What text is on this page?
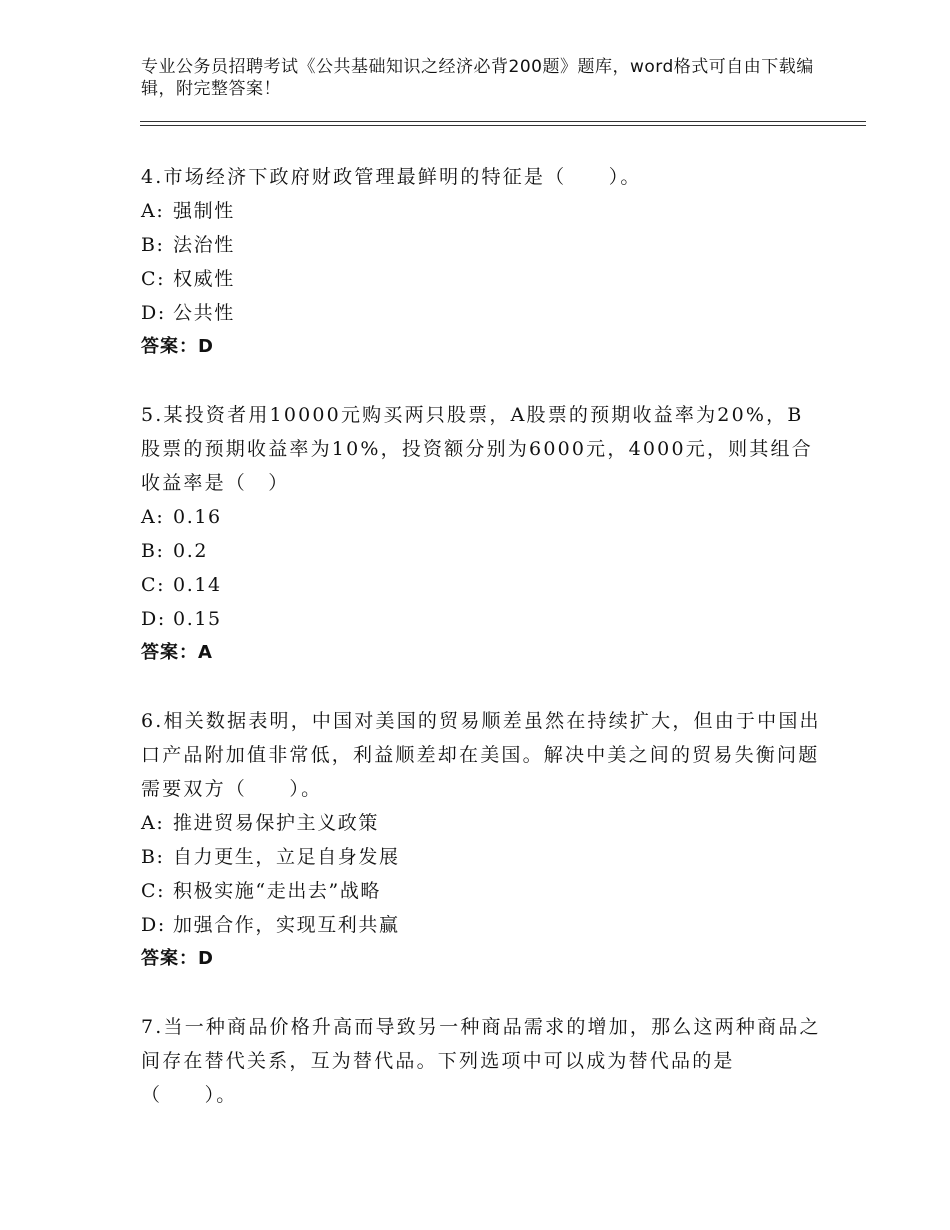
专业公务员招聘考试《公共基础知识之经济必背200题》题库，word格式可自由下载编辑，附完整答案！
4.市场经济下政府财政管理最鲜明的特征是（　　）。
A: 强制性
B: 法治性
C: 权威性
D: 公共性
答案：D
5.某投资者用10000元购买两只股票，A股票的预期收益率为20%，B股票的预期收益率为10%，投资额分别为6000元，4000元，则其组合收益率是（　）
A: 0.16
B: 0.2
C: 0.14
D: 0.15
答案：A
6.相关数据表明，中国对美国的贸易顺差虽然在持续扩大，但由于中国出口产品附加值非常低，利益顺差却在美国。解决中美之间的贸易失衡问题需要双方（　　）。
A: 推进贸易保护主义政策
B: 自力更生，立足自身发展
C: 积极实施“走出去”战略
D: 加强合作，实现互利共赢
答案：D
7.当一种商品价格升高而导致另一种商品需求的增加，那么这两种商品之间存在替代关系，互为替代品。下列选项中可以成为替代品的是（　　）。
